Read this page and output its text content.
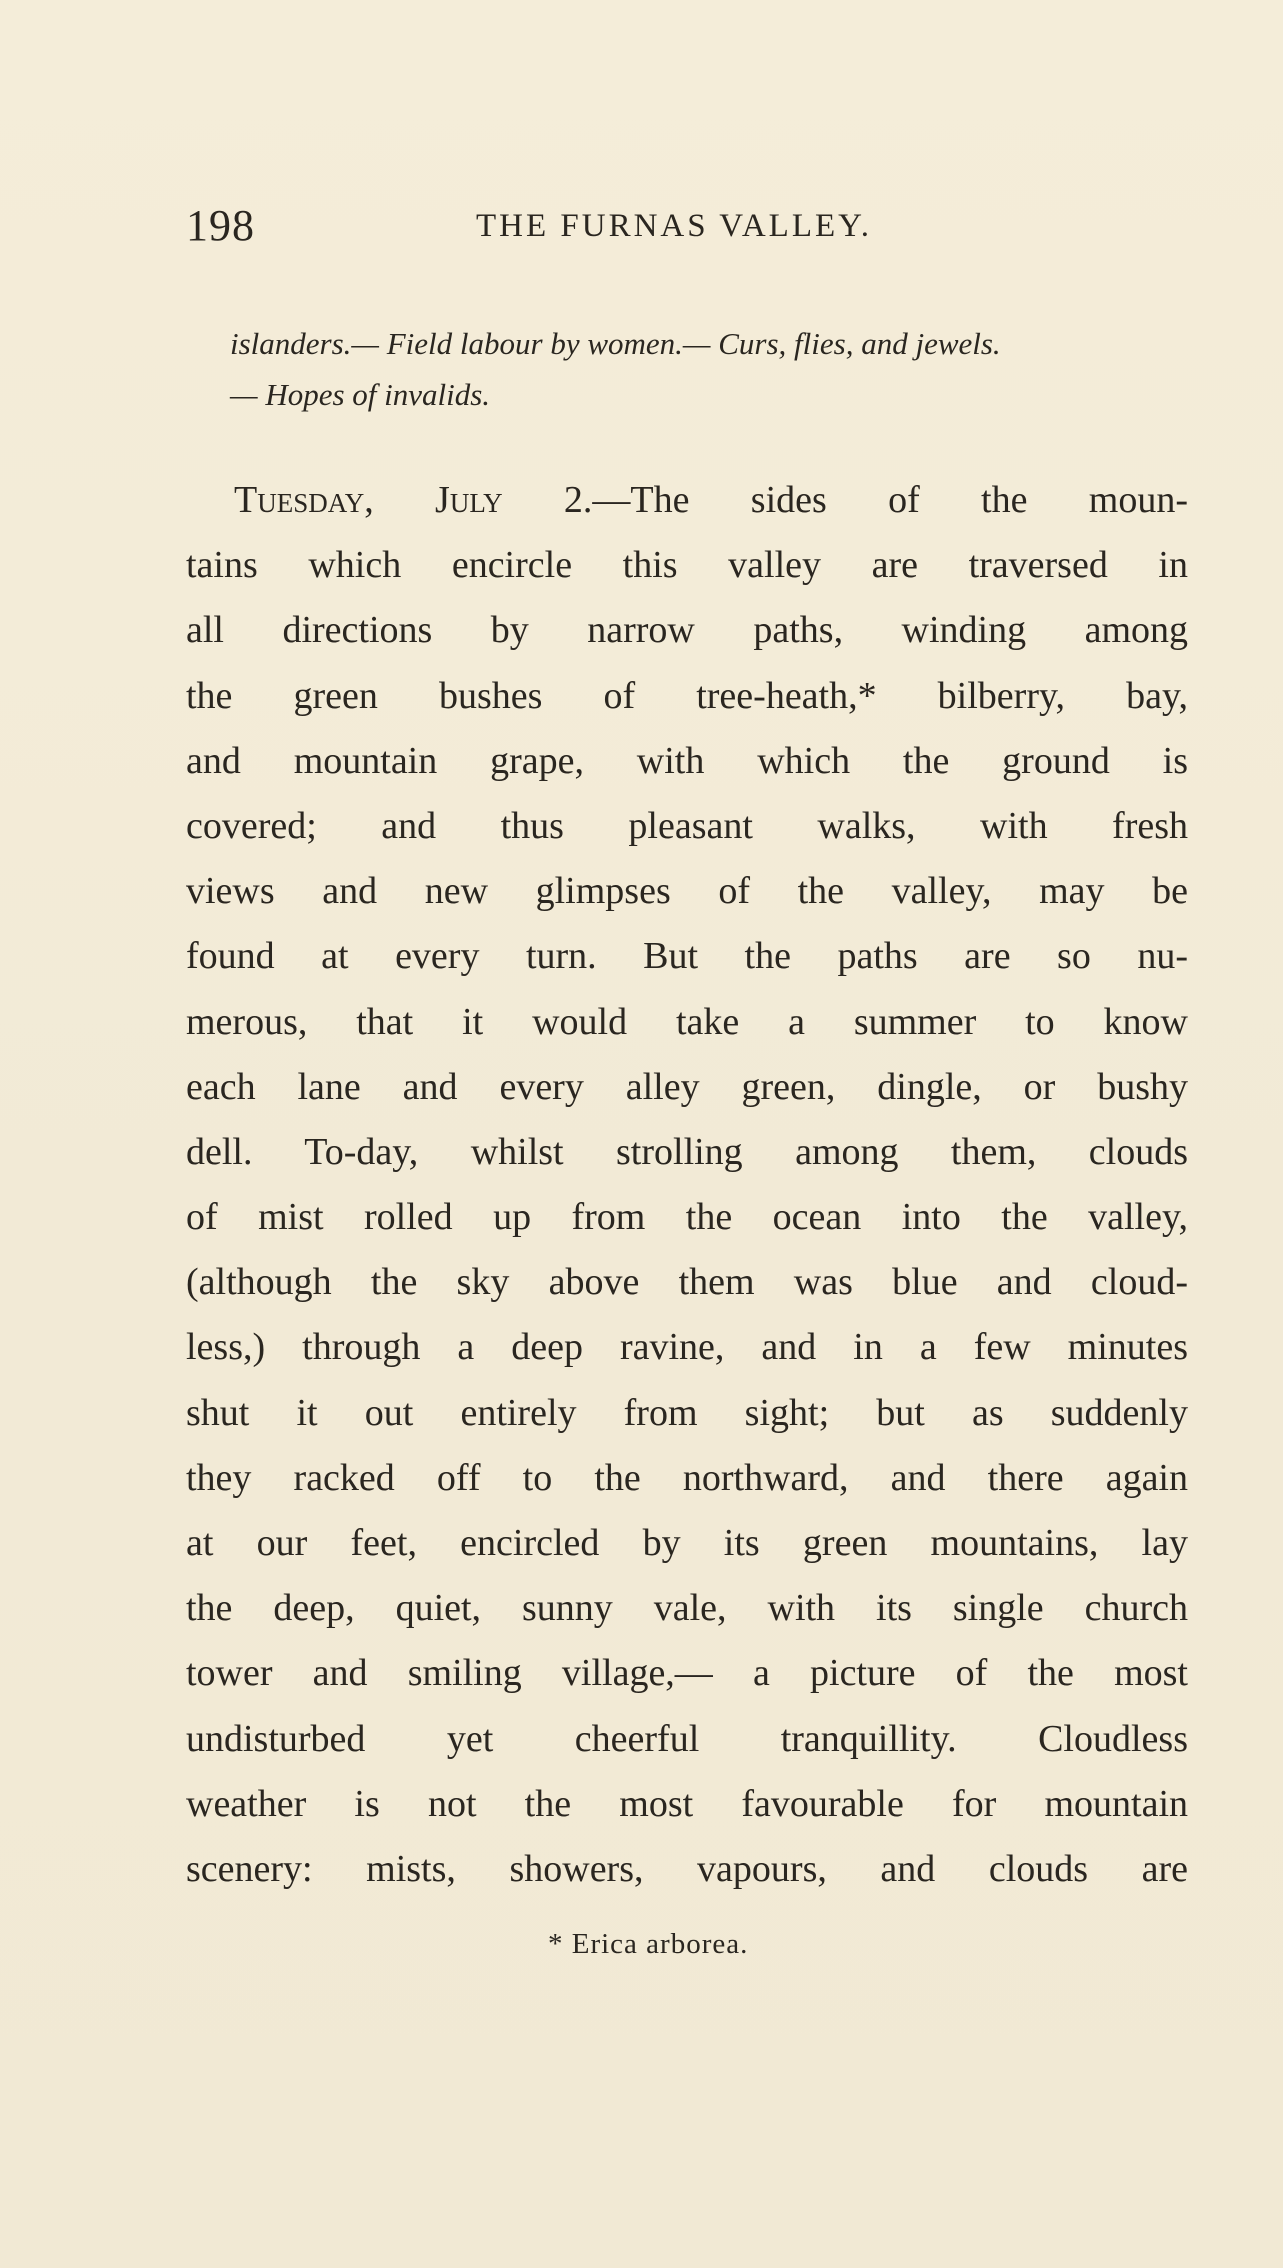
198	THE FURNAS VALLEY.
islanders.— Field labour by women.— Curs, flies, and jewels.
— Hopes of invalids.
Tuesday, July 2.—The sides of the moun-
tains which encircle this valley are traversed in
all directions by narrow paths, winding among
the green bushes of tree-heath,* bilberry, bay,
and mountain grape, with which the ground is
covered; and thus pleasant walks, with fresh
views and new glimpses of the valley, may be
found at every turn. But the paths are so nu-
merous, that it would take a summer to know
each lane and every alley green, dingle, or bushy
dell. To-day, whilst strolling among them, clouds
of mist rolled up from the ocean into the valley,
(although the sky above them was blue and cloud-
less,) through a deep ravine, and in a few minutes
shut it out entirely from sight; but as suddenly
they racked off to the northward, and there again
at our feet, encircled by its green mountains, lay
the deep, quiet, sunny vale, with its single church
tower and smiling village,— a picture of the most
undisturbed yet cheerful tranquillity. Cloudless
weather is not the most favourable for mountain
scenery: mists, showers, vapours, and clouds are
* Erica arborea.
